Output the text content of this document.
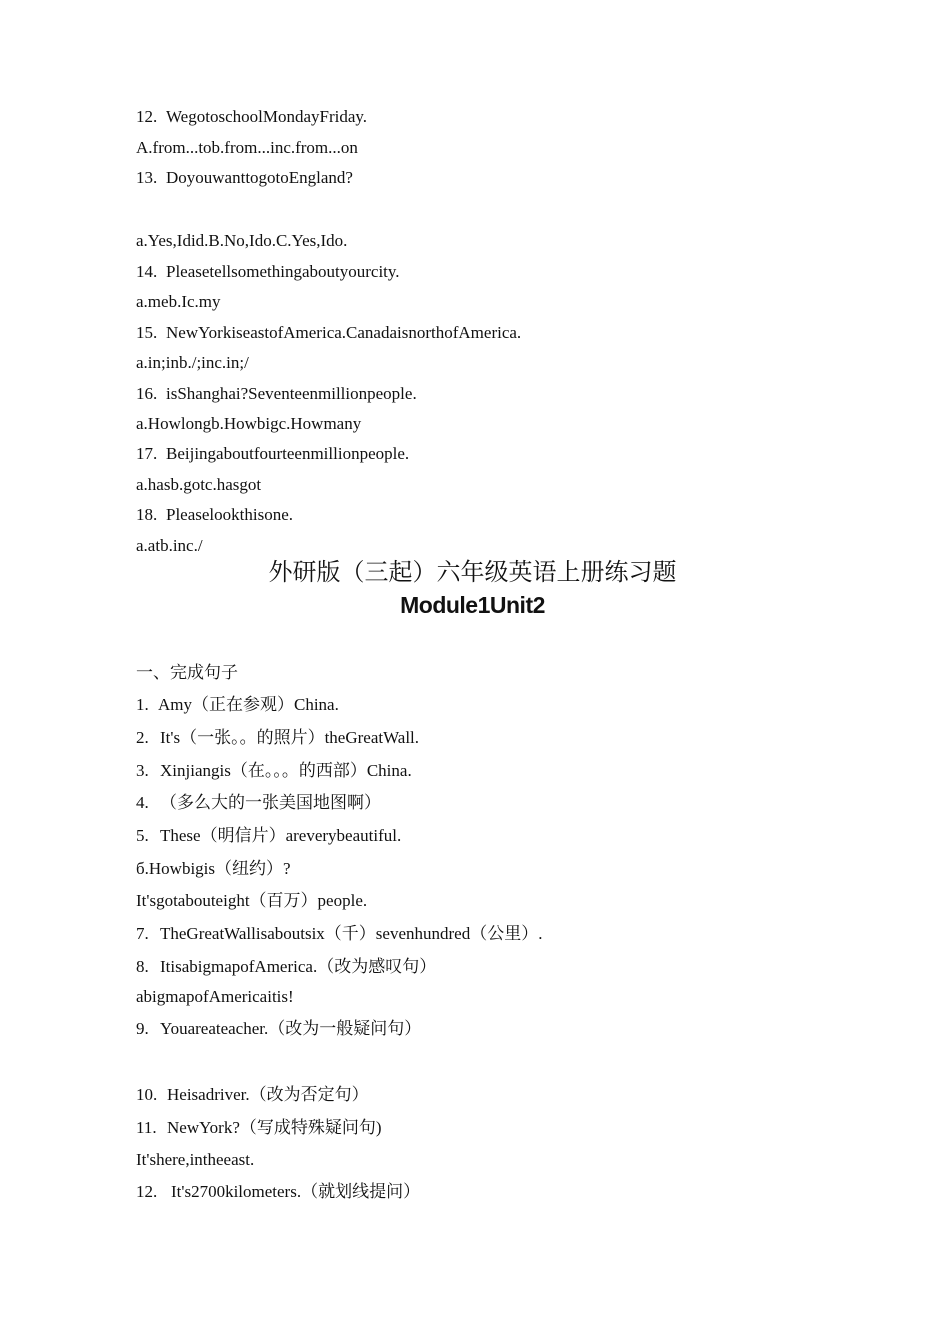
12. WegotoschoolMondayFriday.
A.from...tob.from...inc.from...on
13. DoyouwanttogotoEngland?
a.Yes,Idid.B.No,Ido.C.Yes,Ido.
14. Pleasetellsomethingaboutyourcity.
a.meb.Ic.my
15. NewYorkiseastofAmerica.CanadaisnorthofAmerica.
a.in;inb./;inc.in;/
16. isShanghai?Seventeenmillionpeople.
a.Howlongb.Howbigc.Howmany
17. Beijingaboutfourteenmillionpeople.
a.hasb.gotc.hasgot
18. Pleaselookthisone.
a.atb.inc./
外研版（三起）六年级英语上册练习题
Module1Unit2
一、完成句子
1. Amy（正在参观）China.
2. It's（一张。。的照片）theGreatWall.
3. Xinjiangis（在。。。的西部）China.
4. （多么大的一张美国地图啊）
5. These（明信片）areverybeautiful.
б.Howbigis（纽约）?
It'sgotabouteight（百万）people.
7. TheGreatWallisaboutsix（千）sevenhundred（公里）.
8. ItisabigmapofAmerica.（改为感叹句）
abigmapofAmericaitis!
9. Youareateacher.（改为一般疑问句）
10. Heisadriver.（改为否定句）
11. NewYork?（写成特殊疑问句)
It'shere,intheeast.
12. It's2700kilometers.（就划线提问）
